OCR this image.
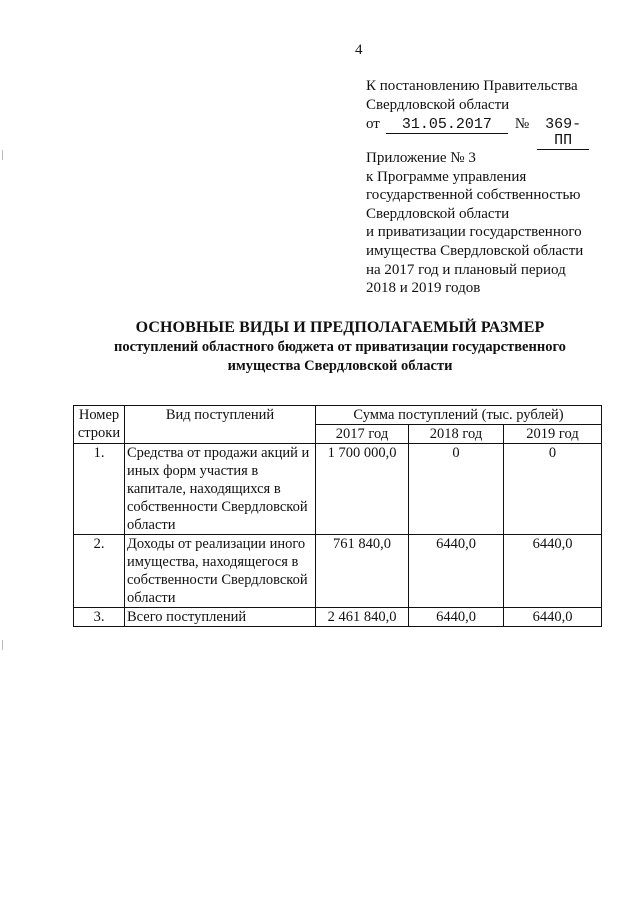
4
К постановлению Правительства
Свердловской области
от	31.05.2017	№	369-ПП
Приложение № 3
к Программе управления
государственной собственностью
Свердловской области
и приватизации государственного
имущества Свердловской области
на 2017 год и плановый период
2018 и 2019 годов
ОСНОВНЫЕ ВИДЫ И ПРЕДПОЛАГАЕМЫЙ РАЗМЕР
поступлений областного бюджета от приватизации государственного
имущества Свердловской области
Номер строки	Вид поступлений	Сумма поступлений (тыс. рублей)		
		2017 год	2018 год	2019 год
1.	Средства от продажи акций и иных форм участия в капитале, находящихся в собственности Свердловской области	1 700 000,0	0	0
2.	Доходы от реализации иного имущества, находящегося в собственности Свердловской области	761 840,0	6440,0	6440,0
3.	Всего поступлений	2 461 840,0	6440,0	6440,0
